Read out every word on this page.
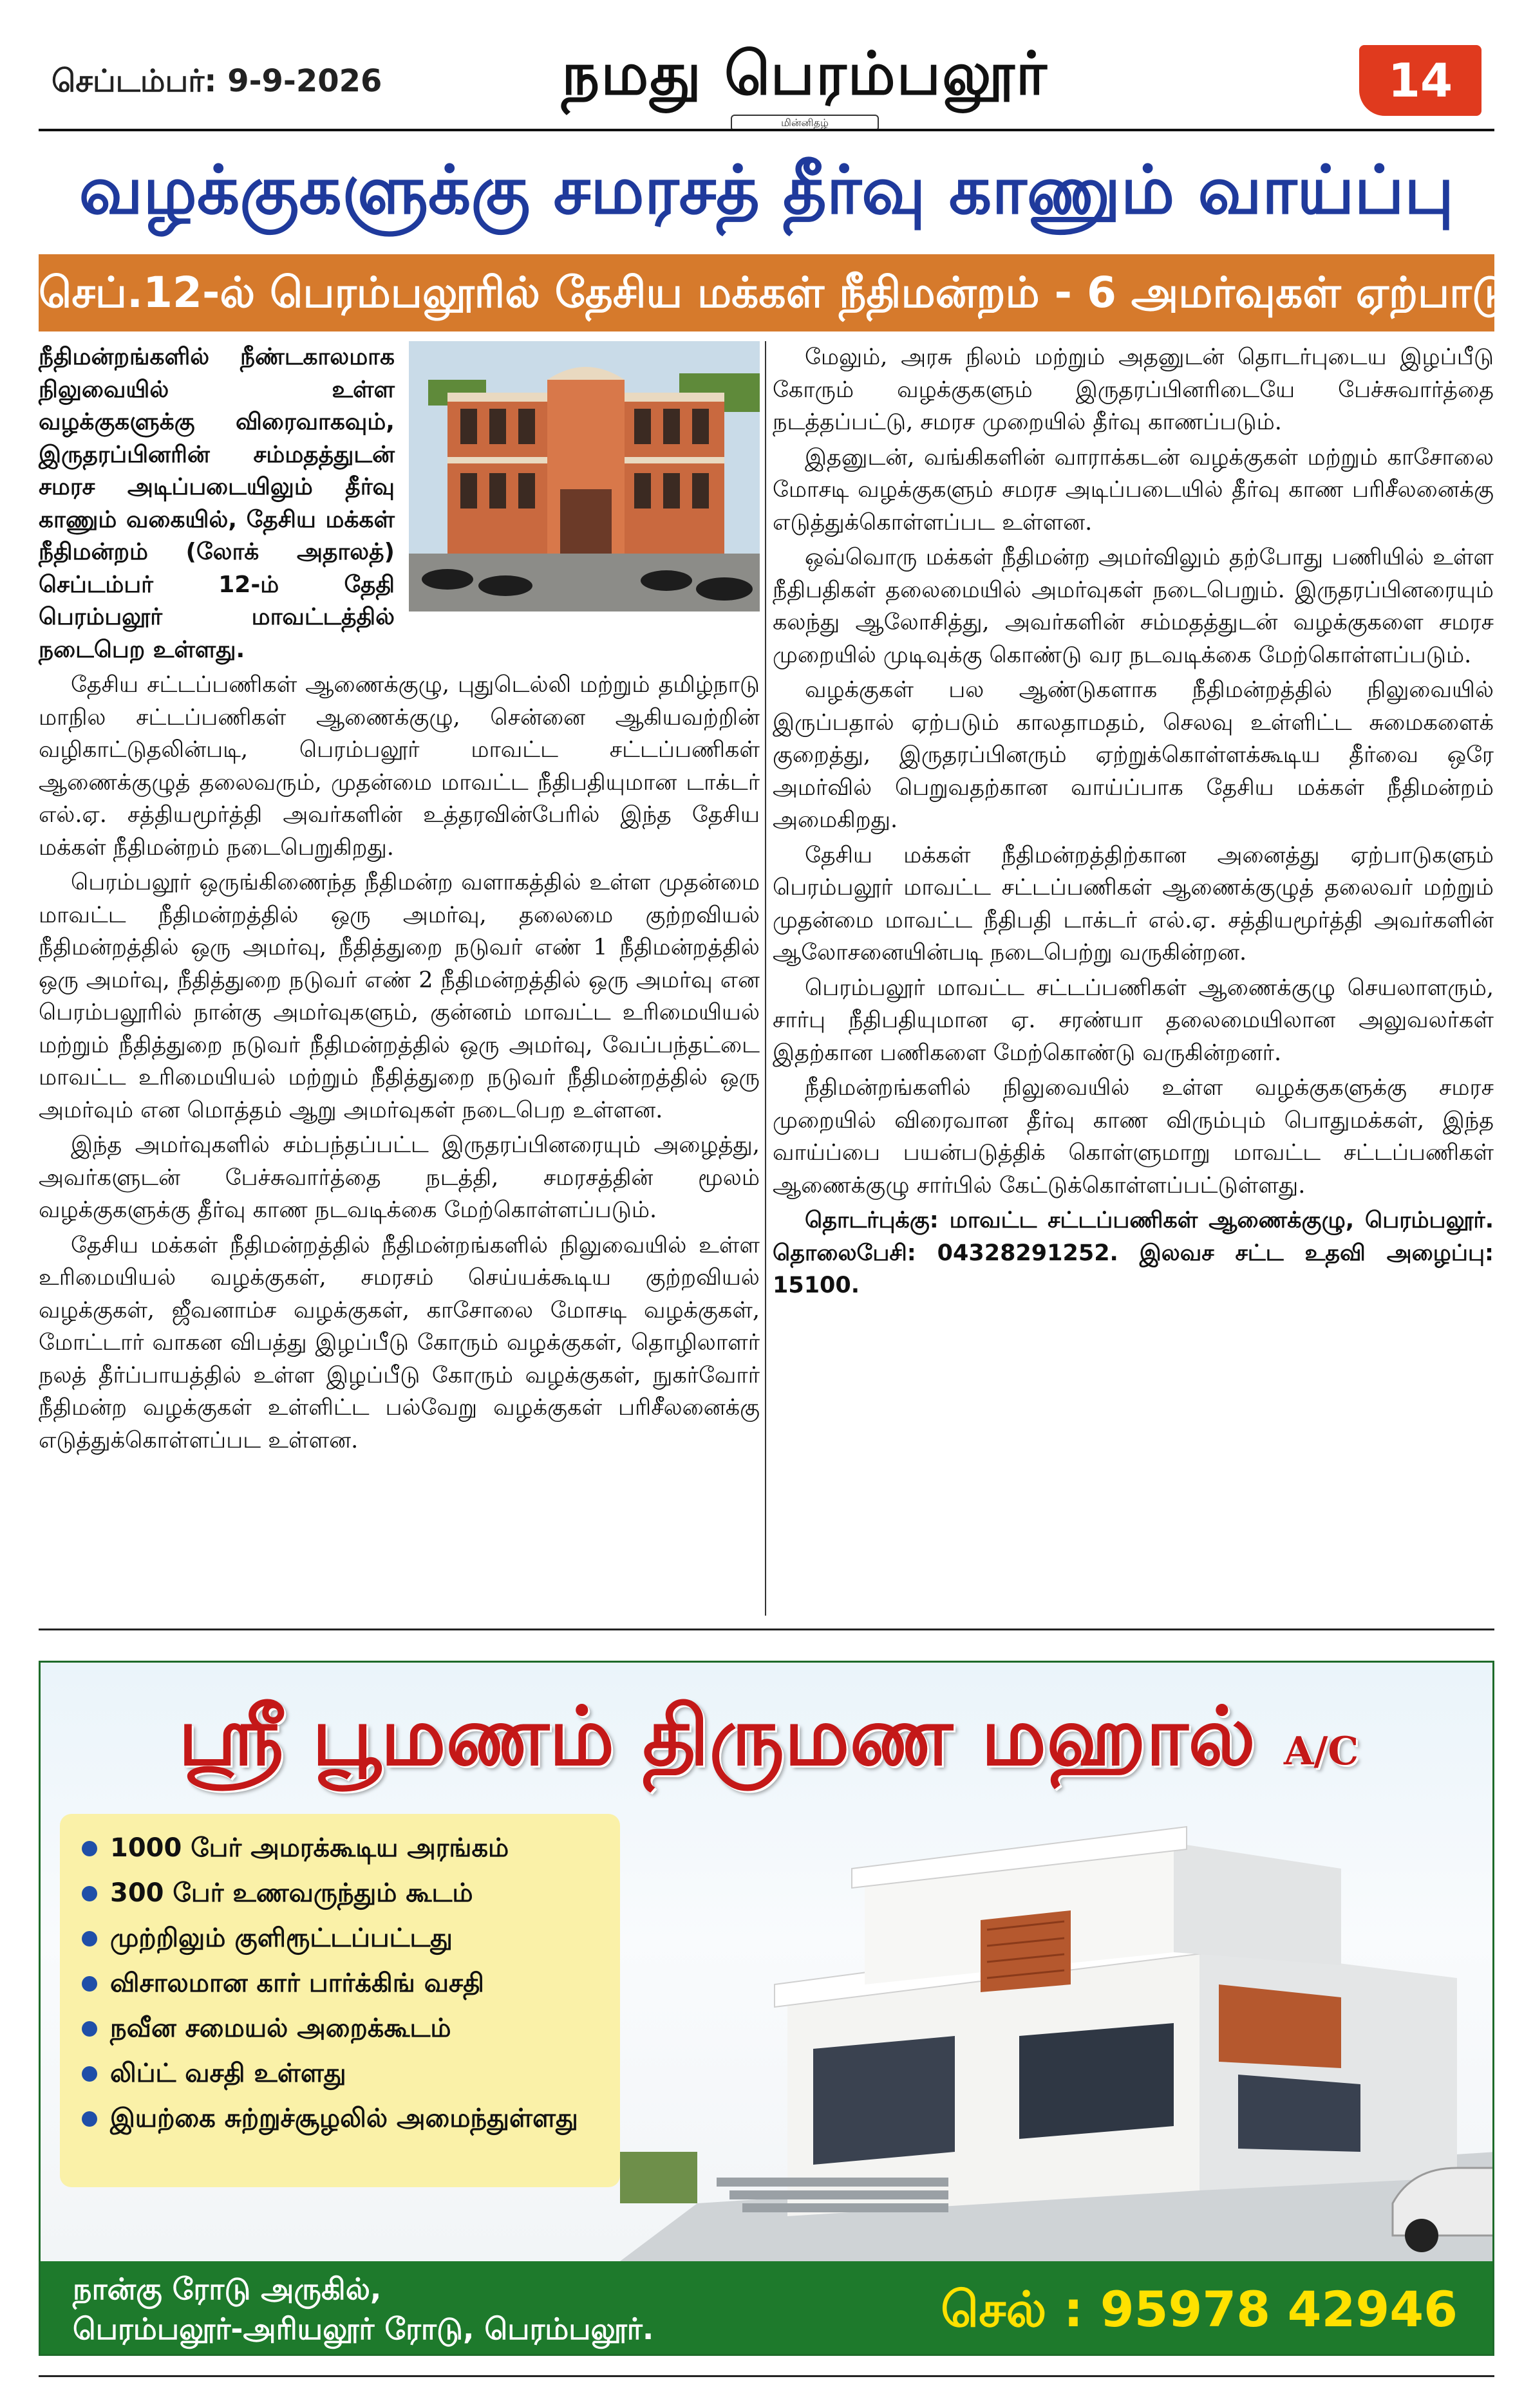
செப்டம்பர்: 9-9-2026	நமது பெரம்பலூர்
மின்னிதழ்
14
வழக்குகளுக்கு சமரசத் தீர்வு காணும் வாய்ப்பு
செப்.12-ல் பெரம்பலூரில் தேசிய மக்கள் நீதிமன்றம் - 6 அமர்வுகள் ஏற்பாடு

நீதிமன்றங்களில் நீண்டகாலமாக நிலுவையில் உள்ள வழக்குகளுக்கு விரைவாகவும், இருதரப்பினரின் சம்மதத்துடன் சமரச அடிப்படையிலும் தீர்வு காணும் வகையில், தேசிய மக்கள் நீதிமன்றம் (லோக் அதாலத்) செப்டம்பர் 12-ம் தேதி பெரம்பலூர் மாவட்டத்தில் நடைபெற உள்ளது.

தேசிய சட்டப்பணிகள் ஆணைக்குழு, புதுடெல்லி மற்றும் தமிழ்நாடு மாநில சட்டப்பணிகள் ஆணைக்குழு, சென்னை ஆகியவற்றின் வழிகாட்டுதலின்படி, பெரம்பலூர் மாவட்ட சட்டப்பணிகள் ஆணைக்குழுத் தலைவரும், முதன்மை மாவட்ட நீதிபதியுமான டாக்டர் எல்.ஏ. சத்தியமூர்த்தி அவர்களின் உத்தரவின்பேரில் இந்த தேசிய மக்கள் நீதிமன்றம் நடைபெறுகிறது.

பெரம்பலூர் ஒருங்கிணைந்த நீதிமன்ற வளாகத்தில் உள்ள முதன்மை மாவட்ட நீதிமன்றத்தில் ஒரு அமர்வு, தலைமை குற்றவியல் நீதிமன்றத்தில் ஒரு அமர்வு, நீதித்துறை நடுவர் எண் 1 நீதிமன்றத்தில் ஒரு அமர்வு, நீதித்துறை நடுவர் எண் 2 நீதிமன்றத்தில் ஒரு அமர்வு என பெரம்பலூரில் நான்கு அமர்வுகளும், குன்னம் மாவட்ட உரிமையியல் மற்றும் நீதித்துறை நடுவர் நீதிமன்றத்தில் ஒரு அமர்வு, வேப்பந்தட்டை மாவட்ட உரிமையியல் மற்றும் நீதித்துறை நடுவர் நீதிமன்றத்தில் ஒரு அமர்வும் என மொத்தம் ஆறு அமர்வுகள் நடைபெற உள்ளன.

இந்த அமர்வுகளில் சம்பந்தப்பட்ட இருதரப்பினரையும் அழைத்து, அவர்களுடன் பேச்சுவார்த்தை நடத்தி, சமரசத்தின் மூலம் வழக்குகளுக்கு தீர்வு காண நடவடிக்கை மேற்கொள்ளப்படும்.

தேசிய மக்கள் நீதிமன்றத்தில் நீதிமன்றங்களில் நிலுவையில் உள்ள உரிமையியல் வழக்குகள், சமரசம் செய்யக்கூடிய குற்றவியல் வழக்குகள், ஜீவனாம்ச வழக்குகள், காசோலை மோசடி வழக்குகள், மோட்டார் வாகன விபத்து இழப்பீடு கோரும் வழக்குகள், தொழிலாளர் நலத் தீர்ப்பாயத்தில் உள்ள இழப்பீடு கோரும் வழக்குகள், நுகர்வோர் நீதிமன்ற வழக்குகள் உள்ளிட்ட பல்வேறு வழக்குகள் பரிசீலனைக்கு எடுத்துக்கொள்ளப்பட உள்ளன.

மேலும், அரசு நிலம் மற்றும் அதனுடன் தொடர்புடைய இழப்பீடு கோரும் வழக்குகளும் இருதரப்பினரிடையே பேச்சுவார்த்தை நடத்தப்பட்டு, சமரச முறையில் தீர்வு காணப்படும்.

இதனுடன், வங்கிகளின் வாராக்கடன் வழக்குகள் மற்றும் காசோலை மோசடி வழக்குகளும் சமரச அடிப்படையில் தீர்வு காண பரிசீலனைக்கு எடுத்துக்கொள்ளப்பட உள்ளன.

ஒவ்வொரு மக்கள் நீதிமன்ற அமர்விலும் தற்போது பணியில் உள்ள நீதிபதிகள் தலைமையில் அமர்வுகள் நடைபெறும். இருதரப்பினரையும் கலந்து ஆலோசித்து, அவர்களின் சம்மதத்துடன் வழக்குகளை சமரச முறையில் முடிவுக்கு கொண்டு வர நடவடிக்கை மேற்கொள்ளப்படும்.

வழக்குகள் பல ஆண்டுகளாக நீதிமன்றத்தில் நிலுவையில் இருப்பதால் ஏற்படும் காலதாமதம், செலவு உள்ளிட்ட சுமைகளைக் குறைத்து, இருதரப்பினரும் ஏற்றுக்கொள்ளக்கூடிய தீர்வை ஒரே அமர்வில் பெறுவதற்கான வாய்ப்பாக தேசிய மக்கள் நீதிமன்றம் அமைகிறது.

தேசிய மக்கள் நீதிமன்றத்திற்கான அனைத்து ஏற்பாடுகளும் பெரம்பலூர் மாவட்ட சட்டப்பணிகள் ஆணைக்குழுத் தலைவர் மற்றும் முதன்மை மாவட்ட நீதிபதி டாக்டர் எல்.ஏ. சத்தியமூர்த்தி அவர்களின் ஆலோசனையின்படி நடைபெற்று வருகின்றன.

பெரம்பலூர் மாவட்ட சட்டப்பணிகள் ஆணைக்குழு செயலாளரும், சார்பு நீதிபதியுமான ஏ. சரண்யா தலைமையிலான அலுவலர்கள் இதற்கான பணிகளை மேற்கொண்டு வருகின்றனர்.

நீதிமன்றங்களில் நிலுவையில் உள்ள வழக்குகளுக்கு சமரச முறையில் விரைவான தீர்வு காண விரும்பும் பொதுமக்கள், இந்த வாய்ப்பை பயன்படுத்திக் கொள்ளுமாறு மாவட்ட சட்டப்பணிகள் ஆணைக்குழு சார்பில் கேட்டுக்கொள்ளப்பட்டுள்ளது.

தொடர்புக்கு: மாவட்ட சட்டப்பணிகள் ஆணைக்குழு, பெரம்பலூர். தொலைபேசி: 04328291252. இலவச சட்ட உதவி அழைப்பு: 15100.

ஸ்ரீ பூமணம் திருமண மஹால் A/C
1000 பேர் அமரக்கூடிய அரங்கம்
300 பேர் உணவருந்தும் கூடம்
முற்றிலும் குளிரூட்டப்பட்டது
விசாலமான கார் பார்க்கிங் வசதி
நவீன சமையல் அறைக்கூடம்
லிப்ட் வசதி உள்ளது
இயற்கை சுற்றுச்சூழலில் அமைந்துள்ளது
நான்கு ரோடு அருகில்,
பெரம்பலூர்-அரியலூர் ரோடு, பெரம்பலூர்.	செல் : 95978 42946
